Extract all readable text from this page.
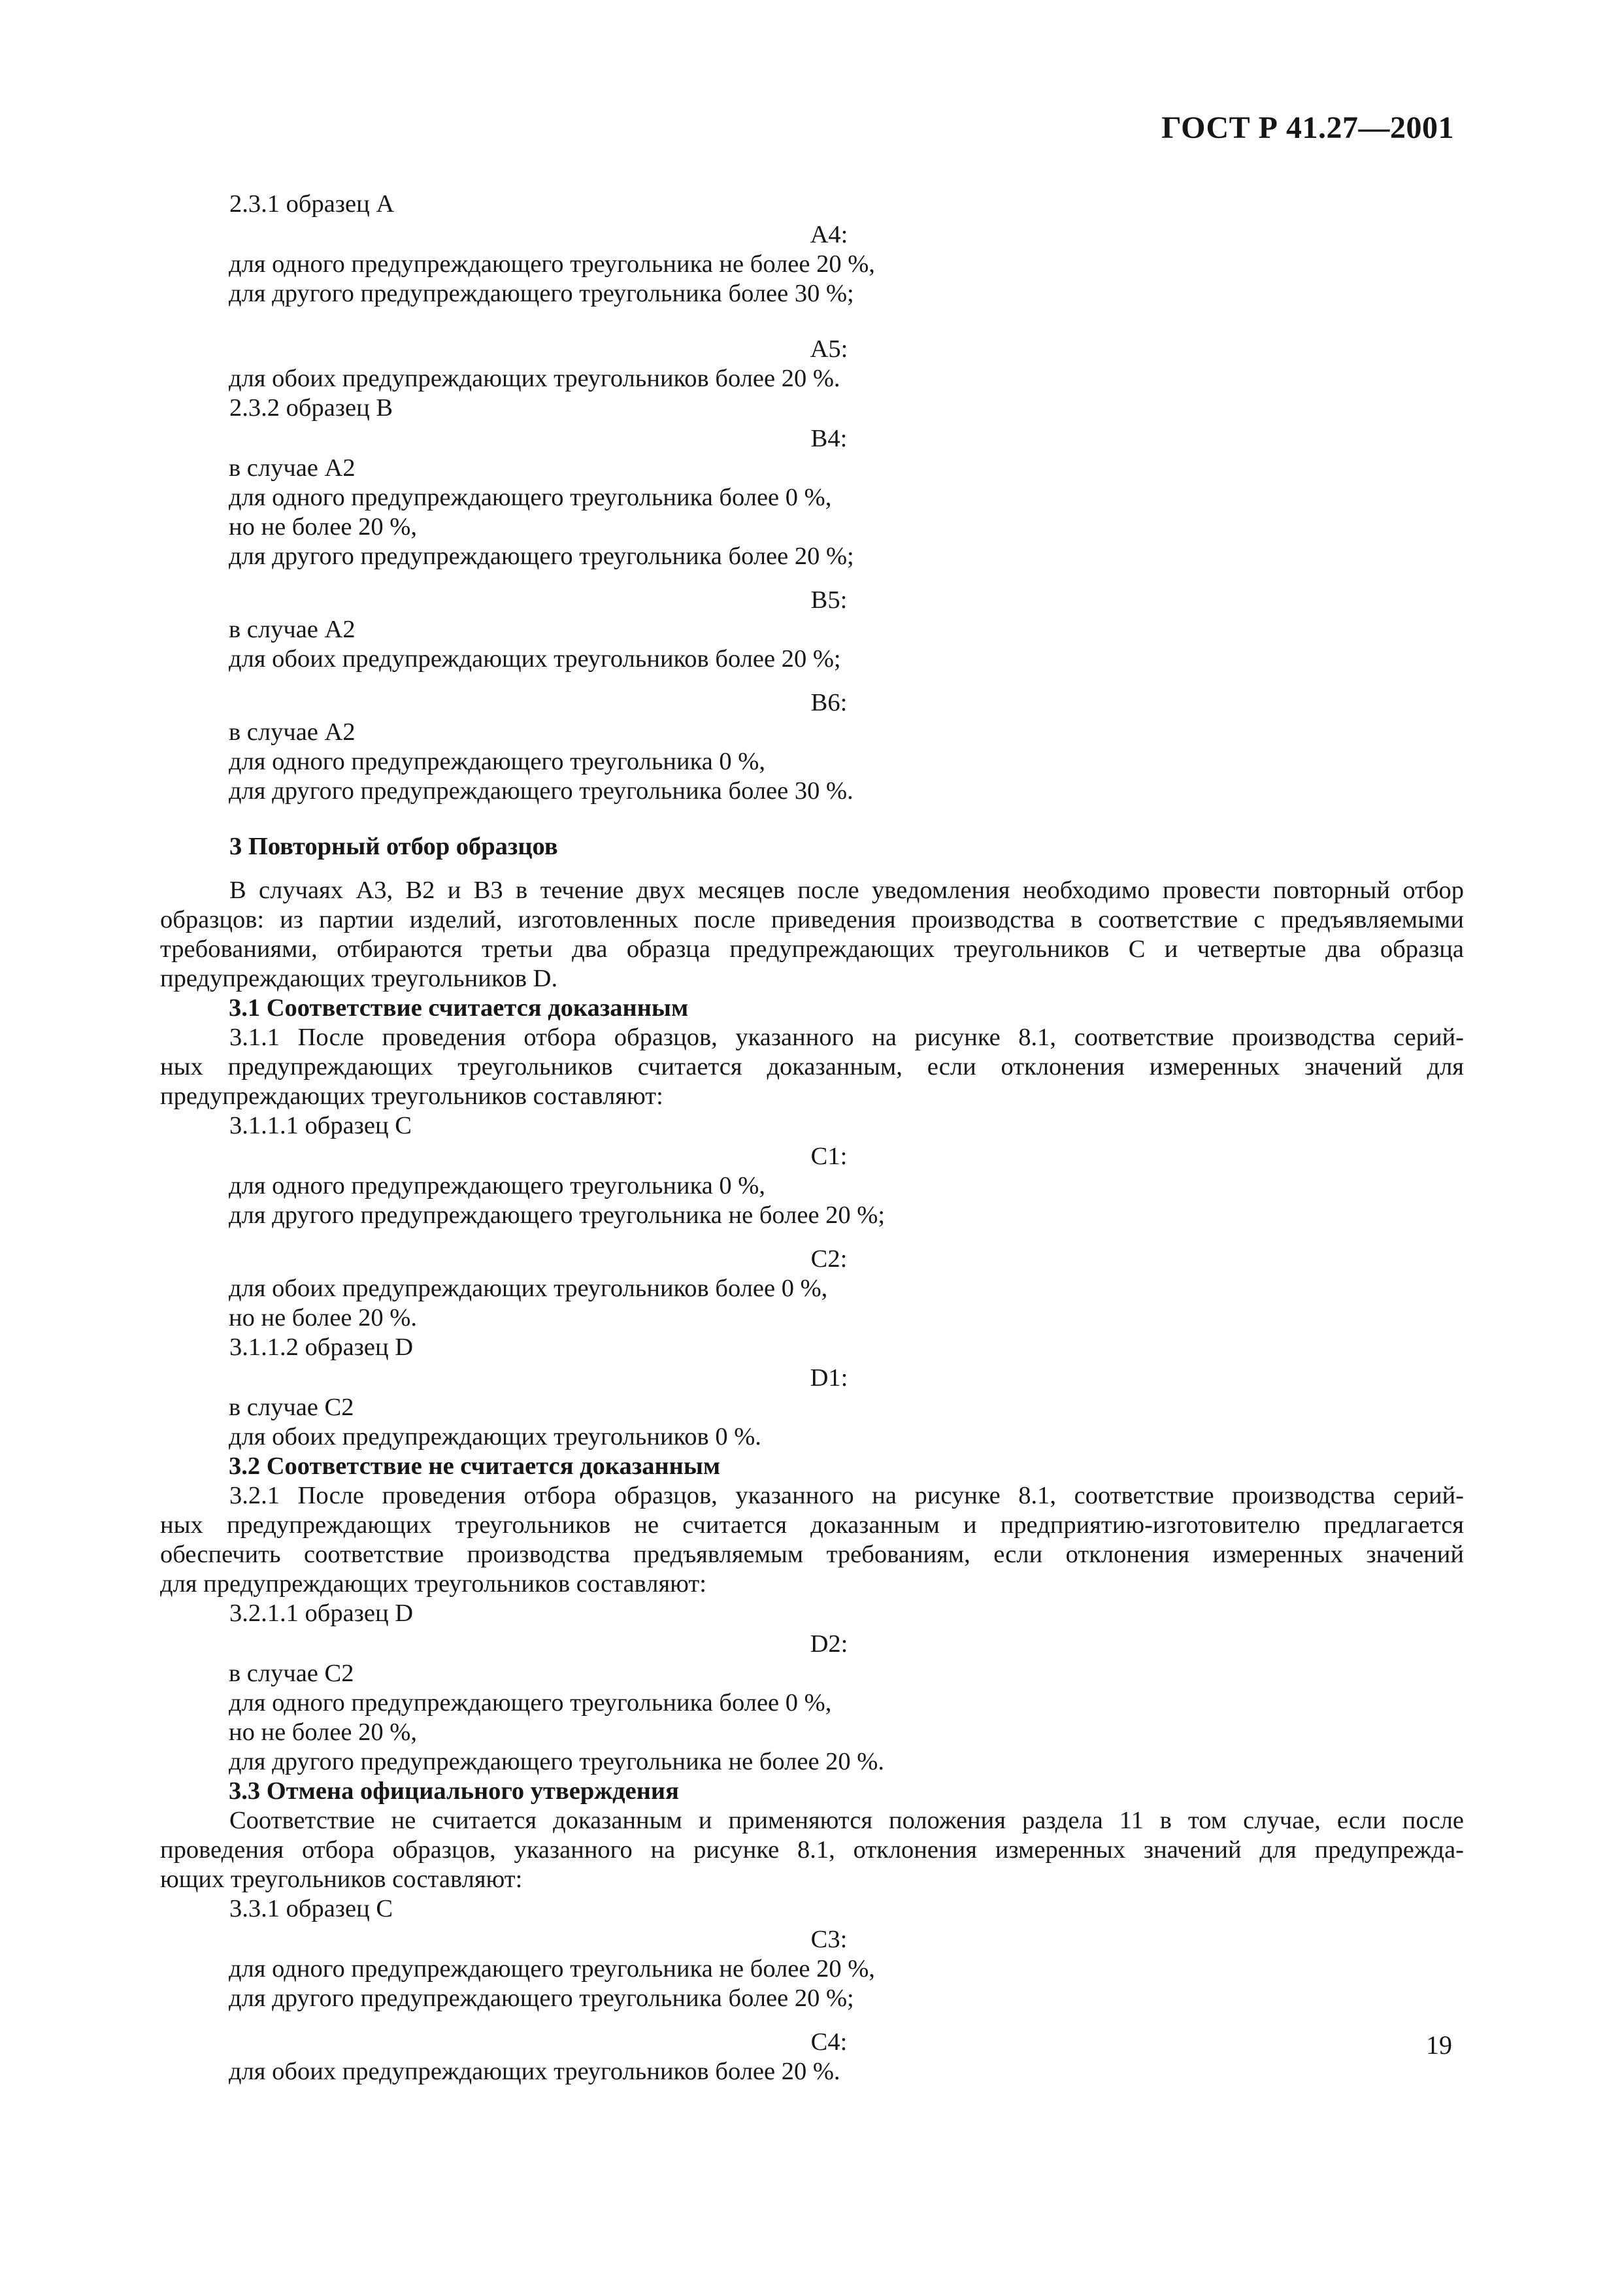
ГОСТ Р 41.27—2001
2.3.1 образец А
А4:
для одного предупреждающего треугольника не более 20 %,
для другого предупреждающего треугольника более 30 %;
А5:
для обоих предупреждающих треугольников более 20 %.
2.3.2 образец В
В4:
в случае А2
для одного предупреждающего треугольника более 0 %,
но не более 20 %,
для другого предупреждающего треугольника более 20 %;
В5:
в случае А2
для обоих предупреждающих треугольников более 20 %;
В6:
в случае А2
для одного предупреждающего треугольника 0 %,
для другого предупреждающего треугольника более 30 %.
3 Повторный отбор образцов
В случаях А3, В2 и В3 в течение двух месяцев после уведомления необходимо провести повторный отбор
образцов: из партии изделий, изготовленных после приведения производства в соответствие с предъявляемыми
требованиями, отбираются третьи два образца предупреждающих треугольников С и четвертые два образца
предупреждающих треугольников D.
3.1 Соответствие считается доказанным
3.1.1 После проведения отбора образцов, указанного на рисунке 8.1, соответствие производства серий-
ных предупреждающих треугольников считается доказанным, если отклонения измеренных значений для
предупреждающих треугольников составляют:
3.1.1.1 образец С
С1:
для одного предупреждающего треугольника 0 %,
для другого предупреждающего треугольника не более 20 %;
С2:
для обоих предупреждающих треугольников более 0 %,
но не более 20 %.
3.1.1.2 образец D
D1:
в случае С2
для обоих предупреждающих треугольников 0 %.
3.2 Соответствие не считается доказанным
3.2.1 После проведения отбора образцов, указанного на рисунке 8.1, соответствие производства серий-
ных предупреждающих треугольников не считается доказанным и предприятию-изготовителю предлагается
обеспечить соответствие производства предъявляемым требованиям, если отклонения измеренных значений
для предупреждающих треугольников составляют:
3.2.1.1 образец D
D2:
в случае С2
для одного предупреждающего треугольника более 0 %,
но не более 20 %,
для другого предупреждающего треугольника не более 20 %.
3.3 Отмена официального утверждения
Соответствие не считается доказанным и применяются положения раздела 11 в том случае, если после
проведения отбора образцов, указанного на рисунке 8.1, отклонения измеренных значений для предупрежда-
ющих треугольников составляют:
3.3.1 образец С
С3:
для одного предупреждающего треугольника не более 20 %,
для другого предупреждающего треугольника более 20 %;
С4:
для обоих предупреждающих треугольников более 20 %.
19
